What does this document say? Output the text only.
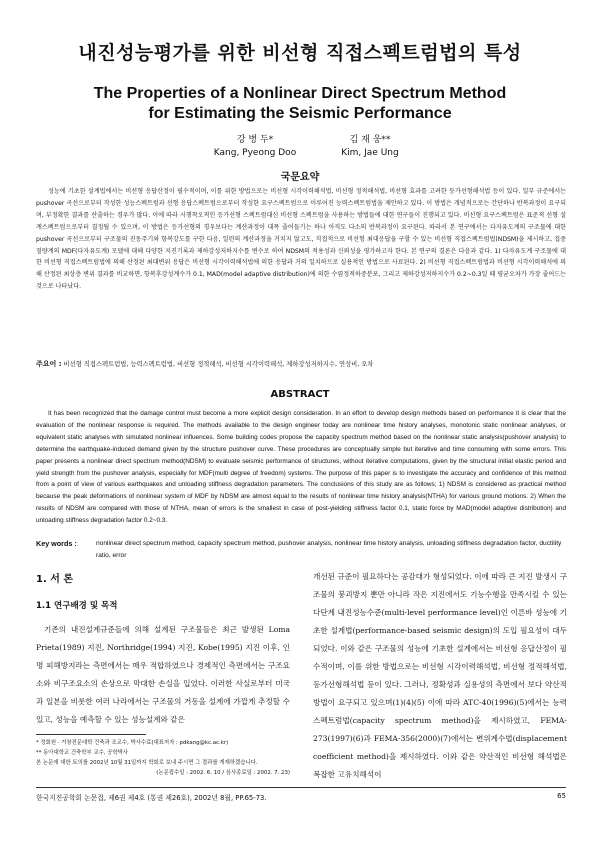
내진성능평가를 위한 비선형 직접스펙트럼법의 특성
The Properties of a Nonlinear Direct Spectrum Method
for Estimating the Seismic Performance
강 병 두*
Kang, Pyeong Doo
김 재 웅**
Kim, Jae Ung
국문요약
성능에 기초한 설계법에서는 비선형 응답산정이 필수적이며, 이를 위한 방법으로는 비선형 시각이력해석법, 비선형 정적해석법, 비선형 효과를 고려한 등가선형해석법 등이 있다. 일부 규준에서는 pushover 곡선으로부터 작성한 성능스펙트럼과 선형 응답스펙트럼으로부터 작성한 요구스펙트럼으로 이루어진 능력스펙트럼법을 제안하고 있다. 이 방법은 개념적으로는 간단하나 반복과정이 요구되며, 부정확한 결과를 산출하는 경우가 많다. 이에 따라 시행착오적인 등가선형 스펙트럼대신 비선형 스펙트럼을 사용하는 방법들에 대한 연구들이 진행되고 있다. 비선형 요구스펙트럼은 표준적 선형 설계스펙트럼으로부터 결정될 수 있으며, 이 방법은 등가선형의 경우보다는 계산과정이 대폭 줄어들기는 하나 아직도 다소의 반복과정이 요구된다. 따라서 본 연구에서는 다자유도계의 구조물에 대한 pushover 곡선으로부터 구조물의 진동주기와 항복강도를 구한 다음, 일련의 계산과정을 거치지 않고도, 직접적으로 비선형 최대응답을 구할 수 있는 비선형 직접스펙트럼법(NDSM)을 제시하고, 집중질량계의 MDF(다자유도계) 모델에 대해 다양한 지진기록과 제하강성저하지수를 변수로 하여 NDSM의 적용성과 신뢰성을 평가하고자 한다. 본 연구의 결론은 다음과 같다. 1) 다자유도계 구조물에 대한 비선형 직접스펙트럼법에 의해 산정된 최대변위 응답은 비선형 시각이력해석법에 의한 응답과 거의 일치하므로 실용적인 방법으로 사료된다. 2) 비선형 직접스펙트럼법과 비선형 시각이력해석에 의해 산정된 최상층 변위 결과를 비교하면, 항복후강성계수가 0.1, MAD(model adaptive distribution)에 의한 수렴정적하중분포, 그리고 제하강성저하지수가 0.2~0.3일 때 평균오차가 가장 줄어드는 것으로 나타났다.
주요어 : 비선형 직접스펙트럼법, 능력스펙트럼법, 비선형 정적해석, 비선형 시각이력해석, 제하강성저하지수, 연성비, 오차
ABSTRACT
It has been recognized that the damage control must become a more explicit design consideration. In an effort to develop design methods based on performance it is clear that the evaluation of the nonlinear response is required. The methods available to the design engineer today are nonlinear time history analyses, monotonic static nonlinear analyses, or equivalent static analyses with simulated nonlinear influences. Some building codes propose the capacity spectrum method based on the nonlinear static analysis(pushover analysis) to determine the earthquake-induced demand given by the structure pushover curve. These procedures are conceptually simple but iterative and time consuming with some errors. This paper presents a nonlinear direct spectrum method(NDSM) to evaluate seismic performance of structures, without iterative computations, given by the structural initial elastic period and yield strength from the pushover analysis, especially for MDF(multi degree of freedom) systems. The purpose of this paper is to investigate the accuracy and confidence of this method from a point of view of various earthquakes and unloading stiffness degradation parameters. The conclusions of this study are as follows; 1) NDSM is considered as practical method because the peak deformations of nonlinear system of MDF by NDSM are almost equal to the results of nonlinear time history analysis(NTHA) for various ground motions. 2) When the results of NDSM are compared with those of NTHA, mean of errors is the smallest in case of post-yielding stiffness factor 0.1, static force by MAD(model adaptive distribution) and unloading stiffness degradation factor 0.2~0.3.
Key words :	nonlinear direct spectrum method, capacity spectrum method, pushover analysis, nonlinear time history analysis, unloading stiffness degradation factor, ductility ratio, error
1. 서 론
1.1 연구배경 및 목적
기존의 내진설계규준들에 의해 설계된 구조물들은 최근 발생된 Loma Prieta(1989) 지진, Northridge(1994) 지진, Kobe(1995) 지진 이후, 인명 피해방지라는 측면에서는 매우 적합하였으나 경제적인 측면에서는 구조요소와 비구조요소의 손상으로 막대한 손실을 입었다. 이러한 사실로부터 미국과 일본을 비롯한 여러 나라에서는 구조물의 거동을 설계에 가깝게 추정할 수 있고, 성능을 예측할 수 있는 성능설계와 같은
개선된 규준이 필요하다는 공감대가 형성되었다. 이에 따라 큰 지진 발생시 구조물의 붕괴방지 뿐만 아니라 작은 지진에서도 기능수행을 만족시킬 수 있는 다단계 내진성능수준(multi-level performance level)인 이른바 성능에 기초한 설계법(performance-based seismic design)의 도입 필요성이 대두되었다. 이와 같은 구조물의 성능에 기초한 설계에서는 비선형 응답산정이 필수적이며, 이를 위한 방법으로는 비선형 시각이력해석법, 비선형 정적해석법, 등가선형해석법 등이 있다. 그러나, 정확성과 실용성의 측면에서 보다 약산적 방법이 요구되고 있으며(1)(4)(5) 이에 따라 ATC-40(1996)(5)에서는 능력스펙트럼법(capacity spectrum method)을 제시하였고, FEMA-273(1997)(6)과 FEMA-356(2000)(7)에서는 변위계수법(displacement coefficient method)을 제시하였다. 이와 같은 약산적인 비선형 해석법은 복잡한 고유치해석이
* 정회원 · 거창전문대학 건축과 조교수, 박사수료(대표저자 : pdkang@kc.ac.kr)
** 동아대학교 건축학부 교수, 공학박사
본 논문에 대한 토의를 2002년 10월 31일까지 학회로 보내 주시면 그 결과를 게재하겠습니다.
(논문접수일 : 2002. 6. 10 / 심사종료일 : 2002. 7. 23)
한국지진공학회 논문집, 제6권 제4호 (통권 제26호), 2002년 8월, PP.65-73.	65
